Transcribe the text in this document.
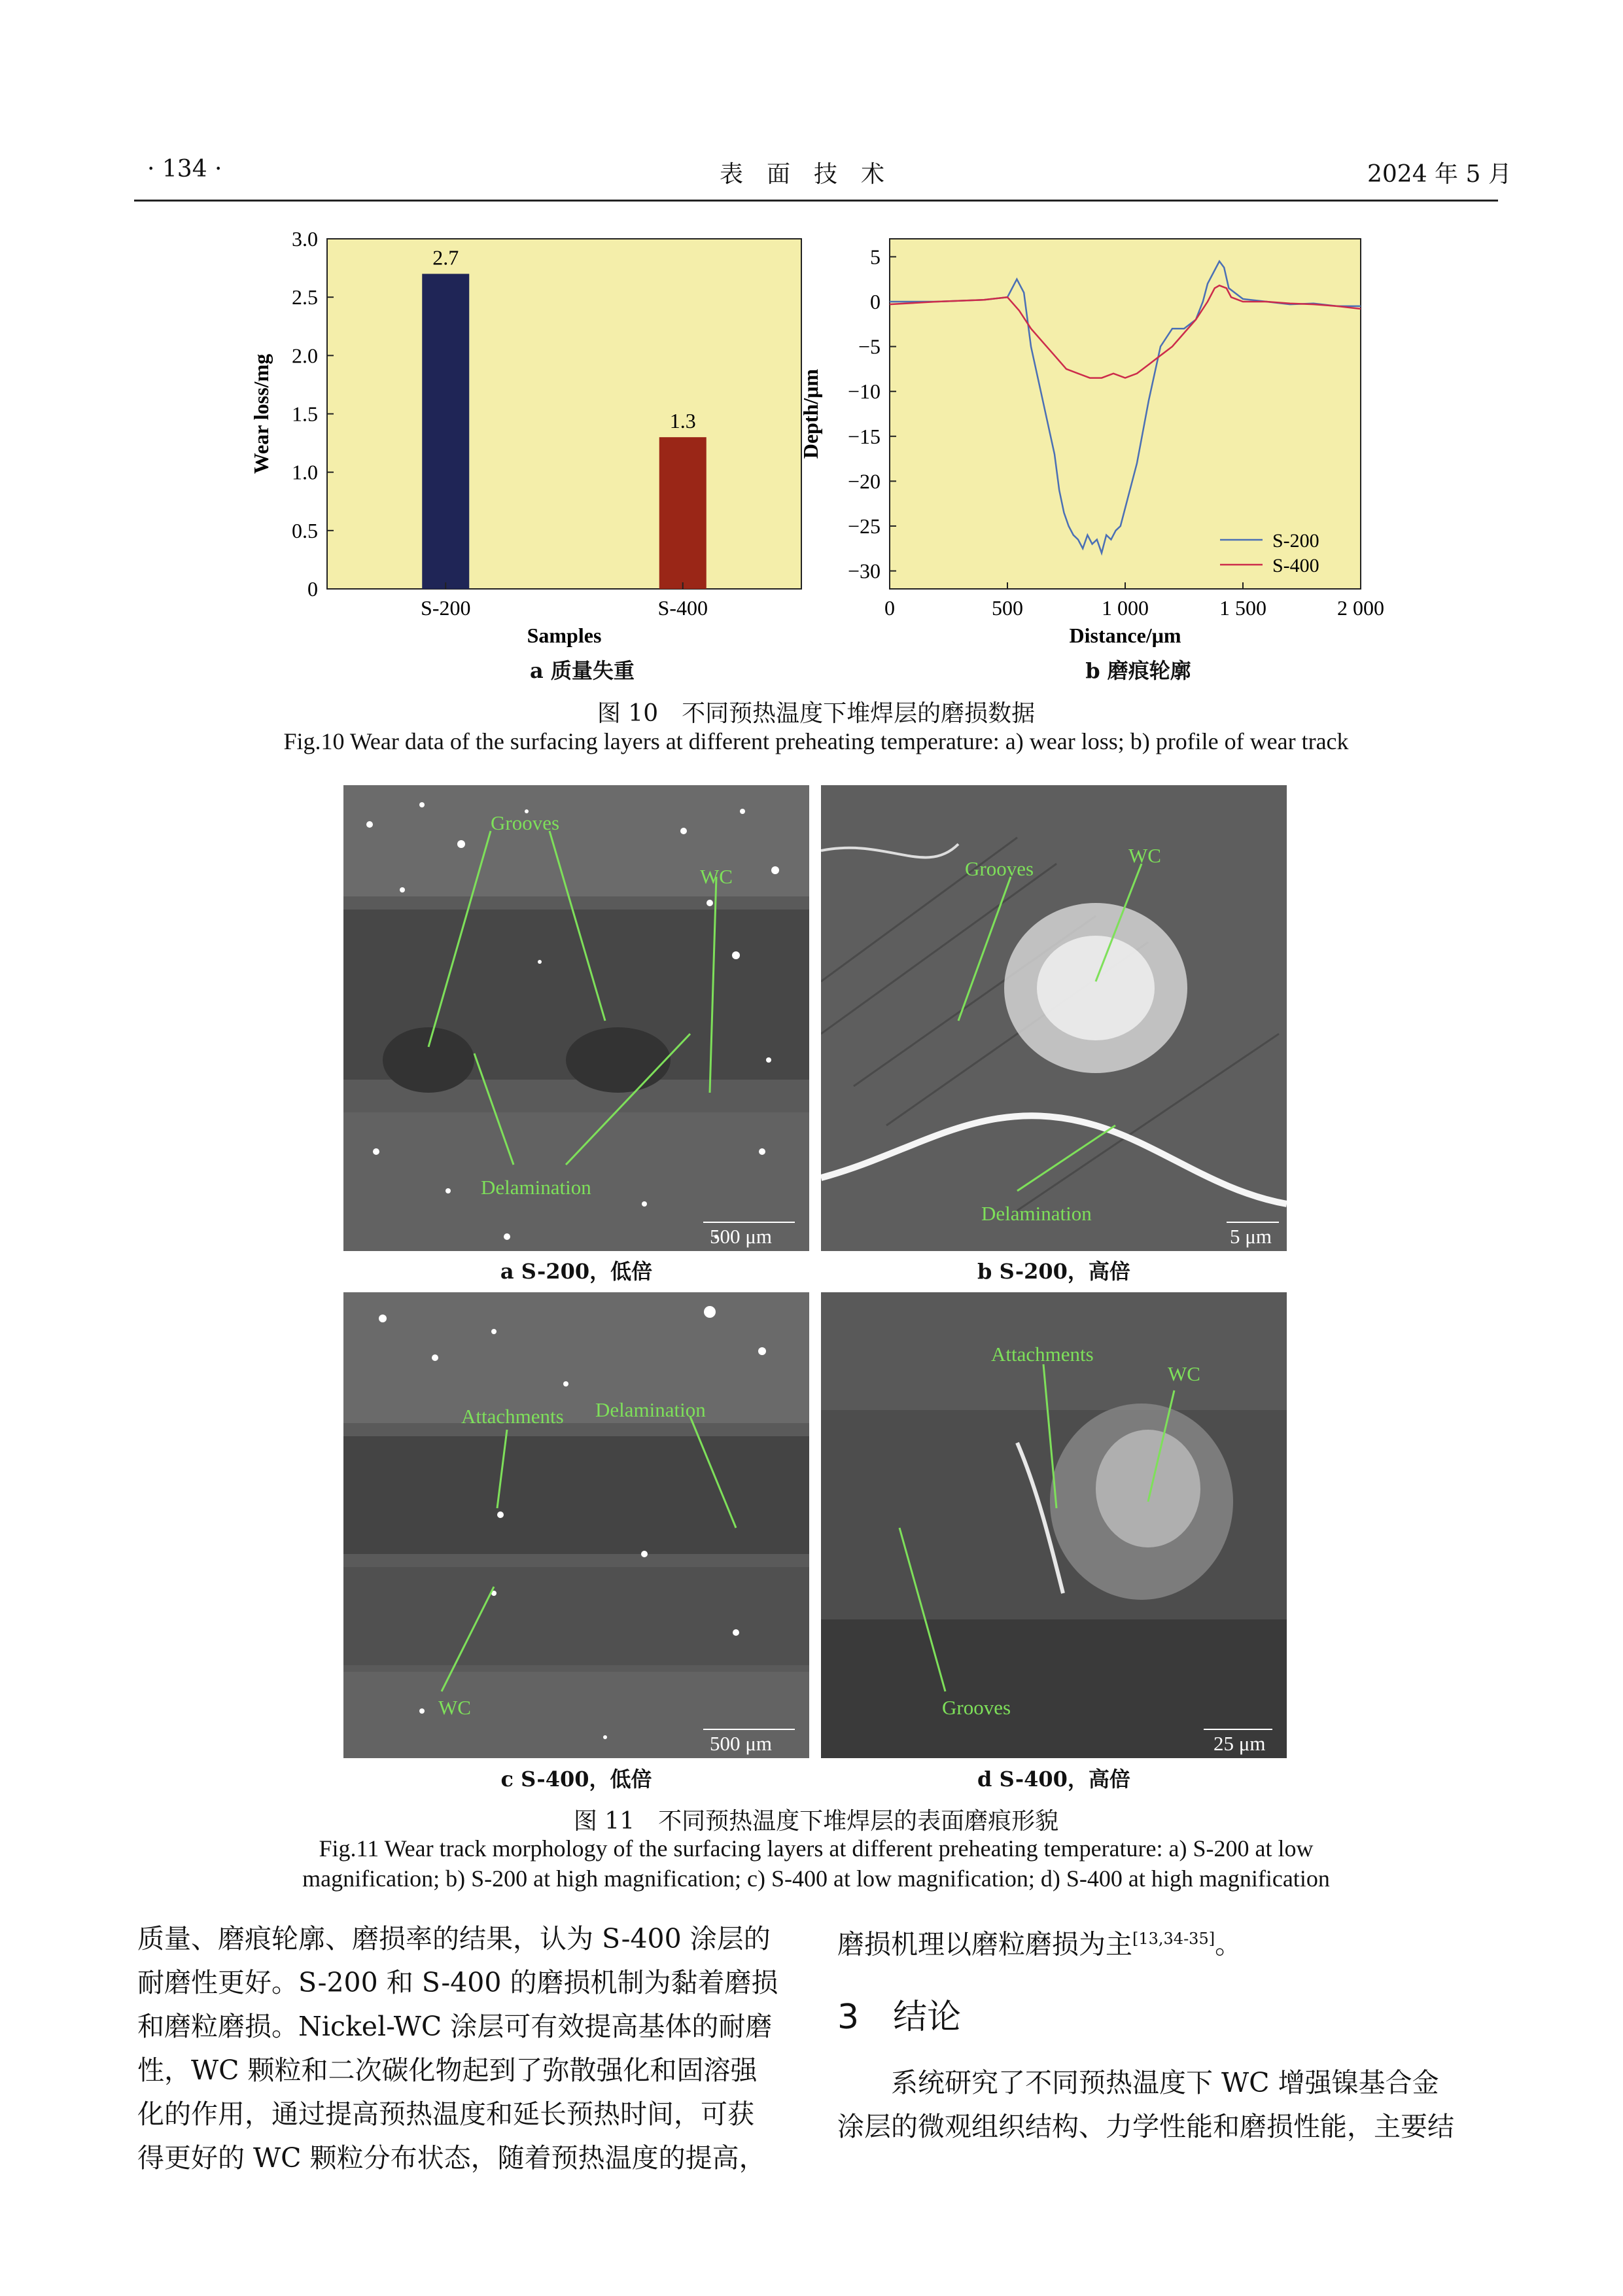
· 134 ·	表　面　技　术	2024 年 5 月
0
0.5
1.0
1.5
2.0
2.5
3.0
2.7
S-200
1.3
S-400
Samples
Wear loss/mg
5
0
−5
−10
−15
−20
−25
−30
0	500	1 000	1 500	2 000
S-200
S-400
Distance/μm
Depth/μm
a 质量失重	b 磨痕轮廓
图 10　不同预热温度下堆焊层的磨损数据
Fig.10 Wear data of the surfacing layers at different preheating temperature: a) wear loss; b) profile of wear track
Grooves
WC
Delamination
500 μm
Grooves
WC
Delamination
5 μm
Attachments Delamination
WC
500 μm
Attachments
WC
Grooves
25 μm
a S-200，低倍	b S-200，高倍
c S-400，低倍	d S-400，高倍
图 11　不同预热温度下堆焊层的表面磨痕形貌
Fig.11 Wear track morphology of the surfacing layers at different preheating temperature: a) S-200 at low
magnification; b) S-200 at high magnification; c) S-400 at low magnification; d) S-400 at high magnification
质量、磨痕轮廓、磨损率的结果，认为 S-400 涂层的
耐磨性更好。S-200 和 S-400 的磨损机制为黏着磨损
和磨粒磨损。Nickel-WC 涂层可有效提高基体的耐磨
性，WC 颗粒和二次碳化物起到了弥散强化和固溶强
化的作用，通过提高预热温度和延长预热时间，可获
得更好的 WC 颗粒分布状态，随着预热温度的提高，
磨损机理以磨粒磨损为主[13,34-35]。
3　结论
系统研究了不同预热温度下 WC 增强镍基合金
涂层的微观组织结构、力学性能和磨损性能，主要结
